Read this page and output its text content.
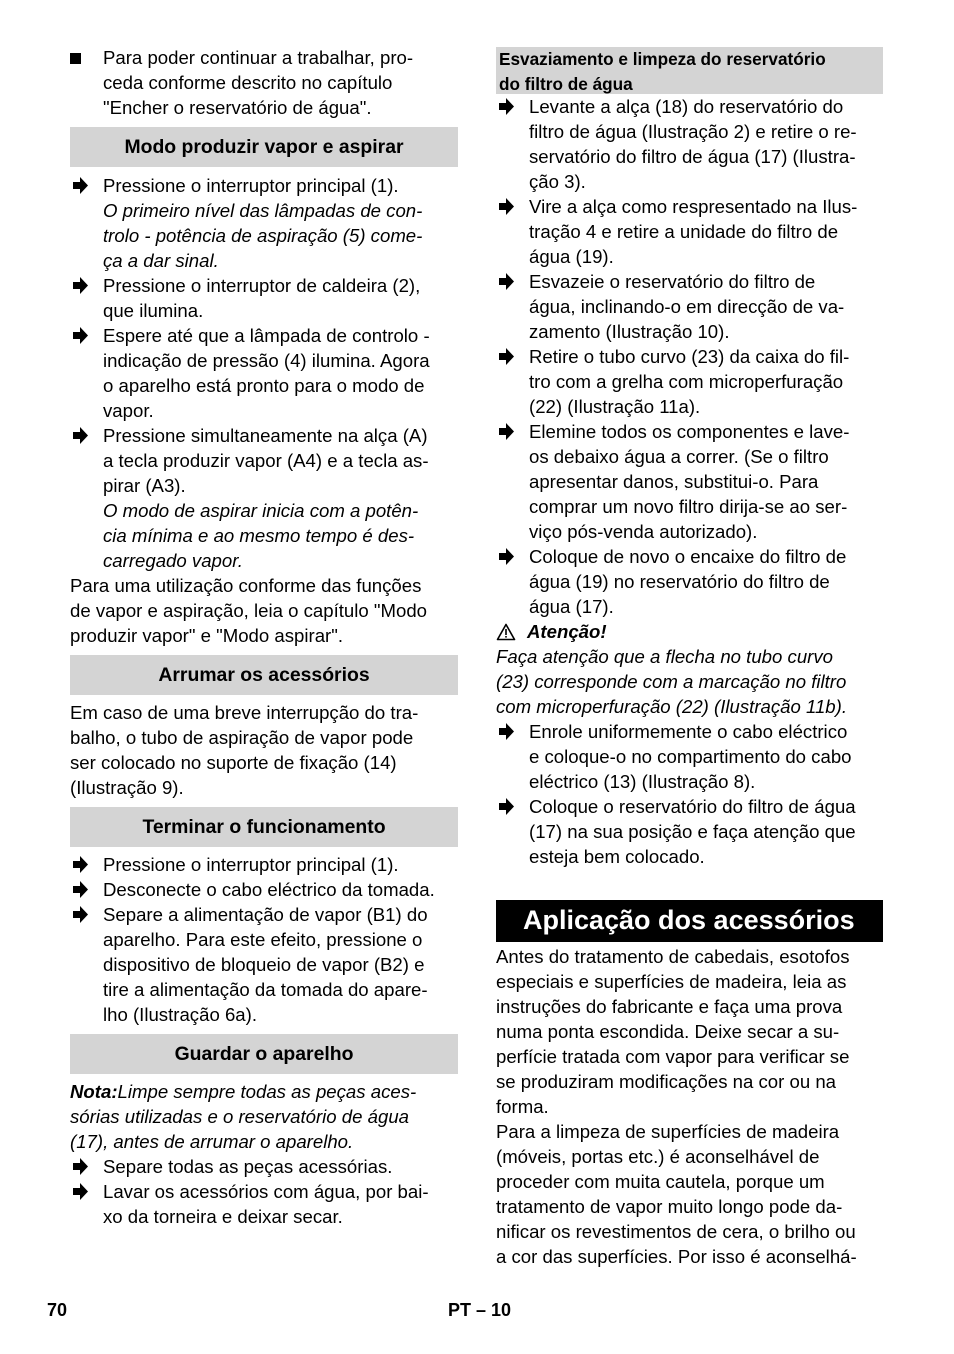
Para poder continuar a trabalhar, pro-
ceda conforme descrito no capítulo
"Encher o reservatório de água".

Modo produzir vapor e aspirar

Pressione o interruptor principal (1).

O primeiro nível das lâmpadas de con-
trolo - potência de aspiração (5) come-
ça a dar sinal.

Pressione o interruptor de caldeira (2),
que ilumina.

Espere até que a lâmpada de controlo -
indicação de pressão (4) ilumina. Agora
o aparelho está pronto para o modo de
vapor.

Pressione simultaneamente na alça (A)
a tecla produzir vapor (A4) e a tecla as-
pirar (A3).

O modo de aspirar inicia com a potên-
cia mínima e ao mesmo tempo é des-
carregado vapor.

Para uma utilização conforme das funções
de vapor e aspiração, leia o capítulo "Modo
produzir vapor" e "Modo aspirar".

Arrumar os acessórios

Em caso de uma breve interrupção do tra-
balho, o tubo de aspiração de vapor pode
ser colocado no suporte de fixação (14)
(Ilustração 9).

Terminar o funcionamento

Pressione o interruptor principal (1).

Desconecte o cabo eléctrico da tomada.

Separe a alimentação de vapor (B1) do
aparelho. Para este efeito, pressione o
dispositivo de bloqueio de vapor (B2) e
tire a alimentação da tomada do apare-
lho (Ilustração 6a).

Guardar o aparelho

Nota:Limpe sempre todas as peças aces-
sórias utilizadas e o reservatório de água
(17), antes de arrumar o aparelho.

Separe todas as peças acessórias.

Lavar os acessórios com água, por bai-
xo da torneira e deixar secar.

Esvaziamento e limpeza do reservatório
do filtro de água

Levante a alça (18) do reservatório do
filtro de água (Ilustração 2) e retire o re-
servatório do filtro de água (17) (Ilustra-
ção 3).

Vire a alça como respresentado na Ilus-
tração 4 e retire a unidade do filtro de
água (19).

Esvazeie o reservatório do filtro de
água, inclinando-o em direcção de va-
zamento (Ilustração 10).

Retire o tubo curvo (23) da caixa do fil-
tro com a grelha com microperfuração
(22) (Ilustração 11a).

Elemine todos os componentes e lave-
os debaixo água a correr. (Se o filtro
apresentar danos, substitui-o. Para
comprar um novo filtro dirija-se ao ser-
viço pós-venda autorizado).

Coloque de novo o encaixe do filtro de
água (19) no reservatório do filtro de
água (17).

Atenção!

Faça atenção que a flecha no tubo curvo
(23) corresponde com a marcação no filtro
com microperfuração (22) (Ilustração 11b).

Enrole uniformemente o cabo eléctrico
e coloque-o no compartimento do cabo
eléctrico (13) (Ilustração 8).

Coloque o reservatório do filtro de água
(17) na sua posição e faça atenção que
esteja bem colocado.

Aplicação dos acessórios

Antes do tratamento de cabedais, esotofos
especiais e superfícies de madeira, leia as
instruções do fabricante e faça uma prova
numa ponta escondida. Deixe secar a su-
perfície tratada com vapor para verificar se
se produziram modificações na cor ou na
forma.

Para a limpeza de superfícies de madeira
(móveis, portas etc.) é aconselhável de
proceder com muita cautela, porque um
tratamento de vapor muito longo pode da-
nificar os revestimentos de cera, o brilho ou
a cor das superfícies. Por isso é aconselhá-

70	PT – 10
